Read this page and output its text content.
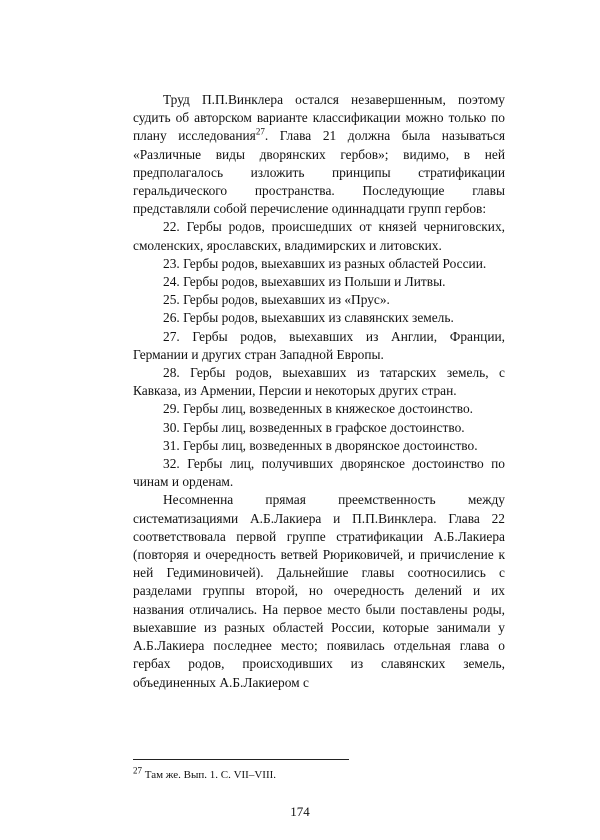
Труд П.П.Винклера остался незавершенным, поэтому судить об авторском варианте классификации можно только по плану исследования$^{27}$. Глава 21 должна была называться «Различные виды дворянских гербов»; видимо, в ней предполагалось изложить принципы стратификации геральдического пространства. Последующие главы представляли собой перечисление одиннадцати групп гербов:

22. Гербы родов, происшедших от князей черниговских, смоленских, ярославских, владимирских и литовских.

23. Гербы родов, выехавших из разных областей России.

24. Гербы родов, выехавших из Польши и Литвы.

25. Гербы родов, выехавших из «Прус».

26. Гербы родов, выехавших из славянских земель.

27. Гербы родов, выехавших из Англии, Франции, Германии и других стран Западной Европы.

28. Гербы родов, выехавших из татарских земель, с Кавказа, из Армении, Персии и некоторых других стран.

29. Гербы лиц, возведенных в княжеское достоинство.

30. Гербы лиц, возведенных в графское достоинство.

31. Гербы лиц, возведенных в дворянское достоинство.

32. Гербы лиц, получивших дворянское достоинство по чинам и орденам.

Несомненна прямая преемственность между систематизациями А.Б.Лакиера и П.П.Винклера. Глава 22 соответствовала первой группе стратификации А.Б.Лакиера (повторяя и очередность ветвей Рюриковичей, и причисление к ней Гедиминовичей). Дальнейшие главы соотносились с разделами группы второй, но очередность делений и их названия отличались. На первое место были поставлены роды, выехавшие из разных областей России, которые занимали у А.Б.Лакиера последнее место; появилась отдельная глава о гербах родов, происходивших из славянских земель, объединенных А.Б.Лакиером с

$^{27}$ Там же. Вып. 1. С. VII–VIII.
174
